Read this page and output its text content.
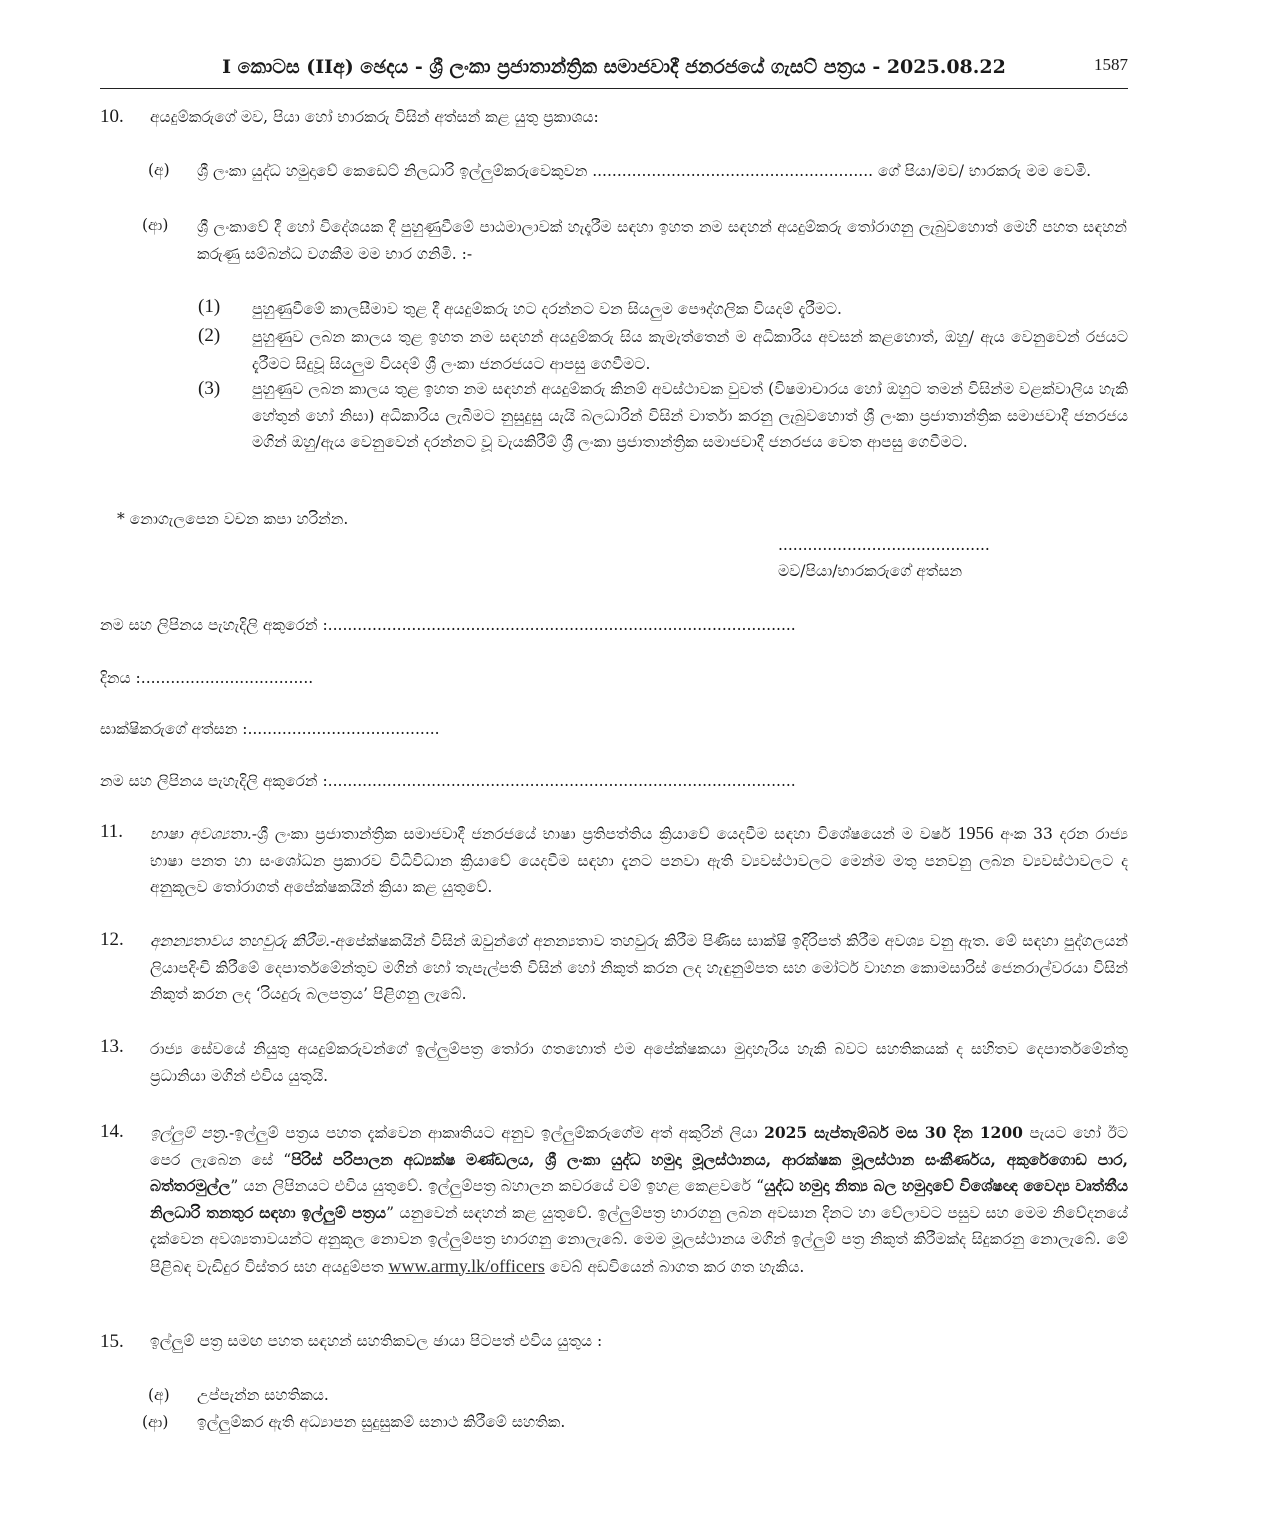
I කොටස (IIඅ) ඡෙදය - ශ්‍රී ලංකා ප්‍රජාතාන්ත්‍රික සමාජවාදී ජනරජයේ ගැසට් පත්‍රය - 2025.08.22	1587
10. අයදුම්කරුගේ මව, පියා හෝ භාරකරු විසින් අත්සන් කළ යුතු ප්‍රකාශය:
(අ) ශ්‍රී ලංකා යුද්ධ හමුදාවේ කෙඩෙට් නිලධාරි ඉල්ලුම්කරුවෙකුවන ......................................................... ගේ පියා/මව/ භාරකරු මම වෙමි.
(ආ) ශ්‍රී ලංකාවේ දී හෝ විදේශයක දී පුහුණුවීමේ පාඨමාලාවක් හැදෑරීම සඳහා ඉහත නම සඳහන් අයදුම්කරු තෝරාගනු ලැබුවහොත් මෙහි පහත සඳහන් කරුණු සම්බන්ධ වගකීම මම භාර ගනිමි. :-
(1) පුහුණුවීමේ කාලසීමාව තුළ දී අයදුම්කරු හට දරන්නට වන සියලුම පෞද්ගලික වියදම් දැරීමට.
(2) පුහුණුව ලබන කාලය තුළ ඉහත නම සඳහන් අයදුම්කරු සිය කැමැත්තෙන් ම අධිකාරිය අවසන් කළහොත්, ඔහු/ ඇය වෙනුවෙන් රජයට දැරීමට සිදුවූ සියලුම වියදම් ශ්‍රී ලංකා ජනරජයට ආපසු ගෙවීමට.
(3) පුහුණුව ලබන කාලය තුළ ඉහත නම සඳහන් අයදුම්කරු කිනම් අවස්ථාවක වුවත් (විෂමාචාරය හෝ ඔහුට තමන් විසින්ම වළක්වාලිය හැකි හේතුන් හෝ නිසා) අධිකාරිය ලැබීමට නුසුදුසු යැයි බලධාරින් විසින් වාර්තා කරනු ලැබුවහොත් ශ්‍රී ලංකා ප්‍රජාතාන්ත්‍රික සමාජවාදී ජනරජය මගින් ඔහු/ඇය වෙනුවෙන් දරන්නට වූ වැයකිරීම් ශ්‍රී ලංකා ප්‍රජාතාන්ත්‍රික සමාජවාදී ජනරජය වෙත ආපසු ගෙවීමට.
* නොගැලපෙන වචන කපා හරින්න.
...........................................
මව/පියා/භාරකරුගේ අත්සන
නම සහ ලිපිනය පැහැදිලි අකුරෙන් :...............................................................................................
දිනය :...................................
සාක්ෂිකරුගේ අත්සන :.......................................
නම සහ ලිපිනය පැහැදිලි අකුරෙන් :...............................................................................................
11. භාෂා අවශ්‍යතා.-ශ්‍රී ලංකා ප්‍රජාතාන්ත්‍රික සමාජවාදී ජනරජයේ භාෂා ප්‍රතිපත්තිය ක්‍රියාවේ යෙදවීම සඳහා විශේෂයෙන් ම වර්ෂ 1956 අංක 33 දරන රාජ්‍ය භාෂා පනත හා සංශෝධන ප්‍රකාරව විධිවිධාන ක්‍රියාවේ යෙදවීම සඳහා දැනට පනවා ඇති ව්‍යවස්ථාවලට මෙන්ම මතු පනවනු ලබන ව්‍යවස්ථාවලට ද අනුකූලව තෝරාගත් අපේක්ෂකයින් ක්‍රියා කළ යුතුවේ.
12. අනන්‍යතාවය තහවුරු කිරීම.-අපේක්ෂකයින් විසින් ඔවුන්ගේ අනන්‍යතාව තහවුරු කිරීම පිණිස සාක්ෂි ඉදිරිපත් කිරීම අවශ්‍ය වනු ඇත. මේ සඳහා පුද්ගලයන් ලියාපදිංචි කිරීමේ දෙපාර්තමේන්තුව මගින් හෝ තැපැල්පති විසින් හෝ නිකුත් කරන ලද හැඳුනුම්පත සහ මෝටර් වාහන කොමසාරිස් ජෙනරාල්වරයා විසින් නිකුත් කරන ලද ‘රියදුරු බලපත්‍රය’ පිළිගනු ලැබේ.
13. රාජ්‍ය සේවයේ නියුතු අයදුම්කරුවන්ගේ ඉල්ලුම්පත්‍ර තෝරා ගතහොත් එම අපේක්ෂකයා මුදාහැරිය හැකි බවට සහතිකයක් ද සහිතව දෙපාර්තමේන්තු ප්‍රධානියා මගින් එවිය යුතුයි.
14. ඉල්ලුම් පත්‍ර.-ඉල්ලුම් පත්‍රය පහත දැක්වෙන ආකෘතියට අනුව ඉල්ලුම්කරුගේම අත් අකුරින් ලියා 2025 සැප්තැම්බර් මස 30 දින 1200 පැයට හෝ ඊට පෙර ලැබෙන සේ “පිරිස් පරිපාලන අධ්‍යක්ෂ මණ්ඩලය, ශ්‍රී ලංකා යුද්ධ හමුදා මූලස්ථානය, ආරක්ෂක මූලස්ථාන සංකීර්ණය, අකුරේගොඩ පාර, බත්තරමුල්ල” යන ලිපිනයට එවිය යුතුවේ. ඉල්ලුම්පත්‍ර බහාලන කවරයේ වම් ඉහළ කෙළවරේ “යුද්ධ හමුදා නිත්‍ය බල හමුදාවේ විශේෂඥ වෛද්‍ය වෘත්තීය නිලධාරි තනතුර සඳහා ඉල්ලුම් පත්‍රය” යනුවෙන් සඳහන් කළ යුතුවේ. ඉල්ලුම්පත්‍ර භාරගනු ලබන අවසාන දිනට හා වේලාවට පසුව සහ මෙම නිවේදනයේ දැක්වෙන අවශ්‍යතාවයන්ට අනුකූල නොවන ඉල්ලුම්පත්‍ර භාරගනු නොලැබේ. මෙම මූලස්ථානය මගින් ඉල්ලුම් පත්‍ර නිකුත් කිරීමක්ද සිදුකරනු නොලැබේ. මේ පිළිබඳ වැඩිදුර විස්තර සහ අයදුම්පත www.army.lk/officers වෙබ් අඩවියෙන් බාගත කර ගත හැකිය.
15. ඉල්ලුම් පත්‍ර සමඟ පහත සඳහන් සහතිකවල ඡායා පිටපත් එවිය යුතුය :
(අ) උප්පැන්න සහතිකය.
(ආ) ඉල්ලුම්කර ඇති අධ්‍යාපන සුදුසුකම් සනාථ කිරීමේ සහතික.
